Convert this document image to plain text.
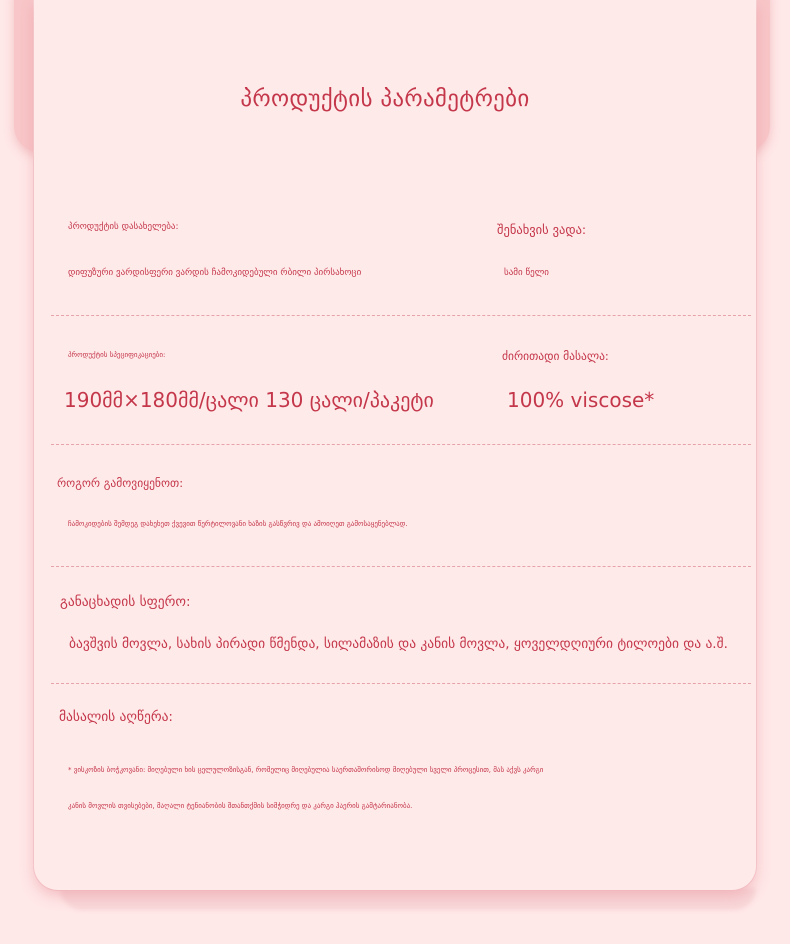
პროდუქტის პარამეტრები
პროდუქტის დასახელება:
დიფუზური ვარდისფერი ვარდის ჩამოკიდებული რბილი პირსახოცი
შენახვის ვადა:
სამი წელი
პროდუქტის სპეციფიკაციები:
190მმ×180მმ/ცალი 130 ცალი/პაკეტი
ძირითადი მასალა:
100% viscose*
როგორ გამოვიყენოთ:
ჩამოკიდების შემდეგ დახეხეთ ქვევით წერტილოვანი ხაზის გასწვრივ და ამოიღეთ გამოსაყენებლად.
განაცხადის სფერო:
ბავშვის მოვლა, სახის პირადი წმენდა, სილამაზის და კანის მოვლა, ყოველდღიური ტილოები და ა.შ.
მასალის აღწერა:
* ვისკოზის ბოჭკოვანი: მიღებული ხის ცელულოზისგან, რომელიც მიღებულია საერთაშორისოდ მიღებული სველი პროცესით, მას აქვს კარგი
კანის მოვლის თვისებები, მაღალი ტენიანობის შთანთქმის სიმჭიდრე და კარგი ჰაერის გამტარიანობა.
